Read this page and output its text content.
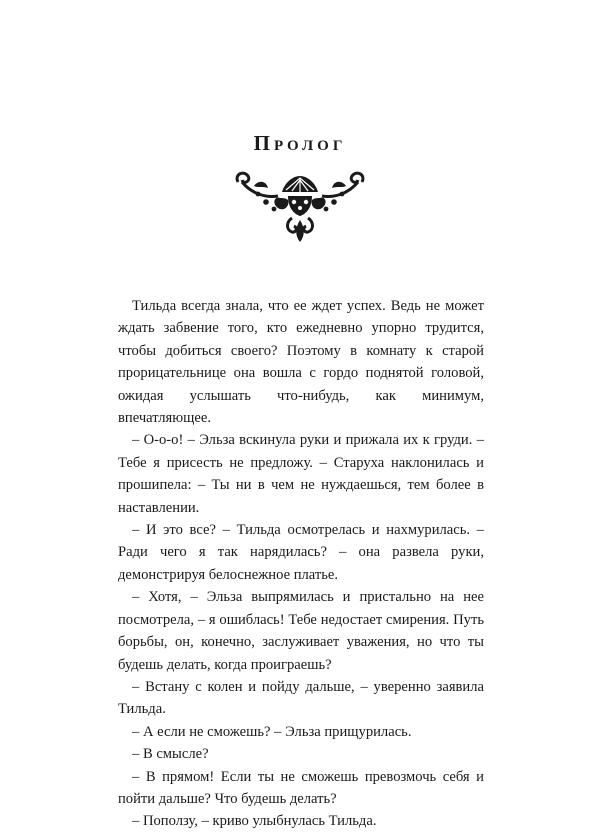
Пролог

Тильда всегда знала, что ее ждет успех. Ведь не может ждать забвение того, кто ежедневно упорно трудится, чтобы добиться своего? Поэтому в комнату к старой прорицательнице она вошла с гордо поднятой головой, ожидая услышать что-нибудь, как минимум, впечатляющее.

– О-о-о! – Эльза вскинула руки и прижала их к груди. – Тебе я присесть не предложу. – Старуха наклонилась и прошипела: – Ты ни в чем не нуждаешься, тем более в наставлении.

– И это все? – Тильда осмотрелась и нахмурилась. – Ради чего я так нарядилась? – она развела руки, демонстрируя белоснежное платье.

– Хотя, – Эльза выпрямилась и пристально на нее посмотрела, – я ошиблась! Тебе недостает смирения. Путь борьбы, он, конечно, заслуживает уважения, но что ты будешь делать, когда проиграешь?

– Встану с колен и пойду дальше, – уверенно заявила Тильда.

– А если не сможешь? – Эльза прищурилась.

– В смысле?

– В прямом! Если ты не сможешь превозмочь себя и пойти дальше? Что будешь делать?

– Поползу, – криво улыбнулась Тильда.
